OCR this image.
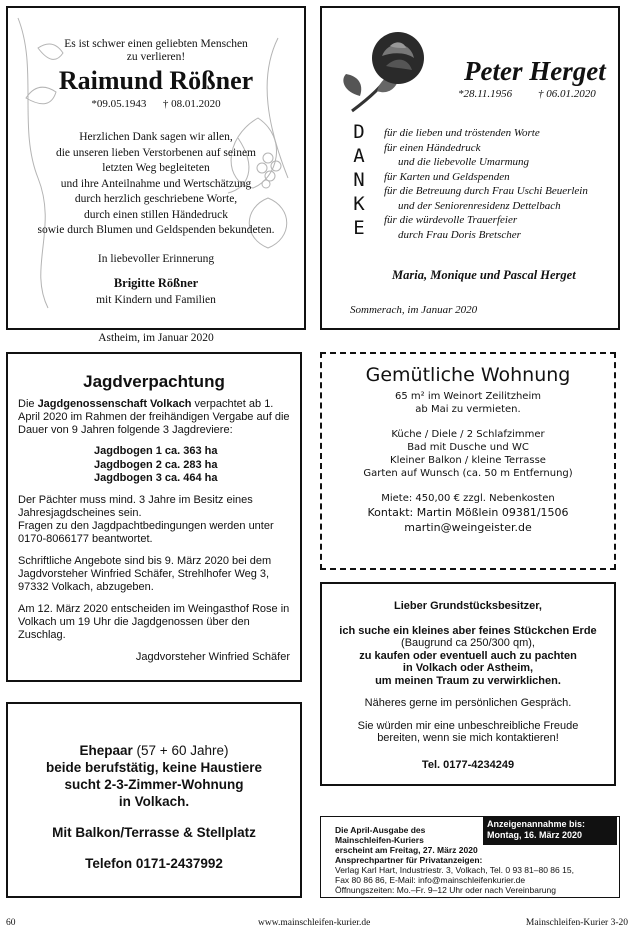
Es ist schwer einen geliebten Menschen
zu verlieren!
Raimund Rößner
*09.05.1943 † 08.01.2020
Herzlichen Dank sagen wir allen,
die unseren lieben Verstorbenen auf seinem
letzten Weg begleiteten
und ihre Anteilnahme und Wertschätzung
durch herzlich geschriebene Worte,
durch einen stillen Händedruck
sowie durch Blumen und Geldspenden bekundeten.
In liebevoller Erinnerung
Brigitte Rößner
mit Kindern und Familien
Astheim, im Januar 2020
Peter Herget
*28.11.1956 † 06.01.2020
D
A
N
K
E
für die lieben und tröstenden Worte
für einen Händedruck
und die liebevolle Umarmung
für Karten und Geldspenden
für die Betreuung durch Frau Uschi Beuerlein
und der Seniorenresidenz Dettelbach
für die würdevolle Trauerfeier
durch Frau Doris Bretscher
Maria, Monique und Pascal Herget
Sommerach, im Januar 2020
Jagdverpachtung
Die Jagdgenossenschaft Volkach verpachtet ab 1. April 2020 im Rahmen der freihändigen Vergabe auf die Dauer von 9 Jahren folgende 3 Jagdreviere:
Jagdbogen 1 ca. 363 ha
Jagdbogen 2 ca. 283 ha
Jagdbogen 3 ca. 464 ha
Der Pächter muss mind. 3 Jahre im Besitz eines Jahresjagdscheines sein.
Fragen zu den Jagdpachtbedingungen werden unter 0170-8066177 beantwortet.
Schriftliche Angebote sind bis 9. März 2020 bei dem Jagdvorsteher Winfried Schäfer, Strehlhofer Weg 3, 97332 Volkach, abzugeben.
Am 12. März 2020 entscheiden im Weingasthof Rose in Volkach um 19 Uhr die Jagdgenossen über den Zuschlag.
Jagdvorsteher Winfried Schäfer
Gemütliche Wohnung
65 m² im Weinort Zeilitzheim
ab Mai zu vermieten.
Küche / Diele / 2 Schlafzimmer
Bad mit Dusche und WC
Kleiner Balkon / kleine Terrasse
Garten auf Wunsch (ca. 50 m Entfernung)
Miete: 450,00 € zzgl. Nebenkosten
Kontakt: Martin Mößlein 09381/1506
martin@weingeister.de
Lieber Grundstücksbesitzer,
ich suche ein kleines aber feines Stückchen Erde
(Baugrund ca 250/300 qm),
zu kaufen oder eventuell auch zu pachten
in Volkach oder Astheim,
um meinen Traum zu verwirklichen.
Näheres gerne im persönlichen Gespräch.
Sie würden mir eine unbeschreibliche Freude
bereiten, wenn sie mich kontaktieren!
Tel. 0177-4234249
Ehepaar (57 + 60 Jahre)
beide berufstätig, keine Haustiere
sucht 2-3-Zimmer-Wohnung
in Volkach.
Mit Balkon/Terrasse & Stellplatz
Telefon 0171-2437992
Die April-Ausgabe des
Mainschleifen-Kuriers
erscheint am Freitag, 27. März 2020
Anzeigenannahme bis:
Montag, 16. März 2020
Ansprechpartner für Privatanzeigen:
Verlag Karl Hart, Industriestr. 3, Volkach, Tel. 0 93 81–80 86 15,
Fax 80 86 86, E-Mail: info@mainschleifenkurier.de
Öffnungszeiten: Mo.–Fr. 9–12 Uhr oder nach Vereinbarung
60	www.mainschleifen-kurier.de	Mainschleifen-Kurier 3-20
